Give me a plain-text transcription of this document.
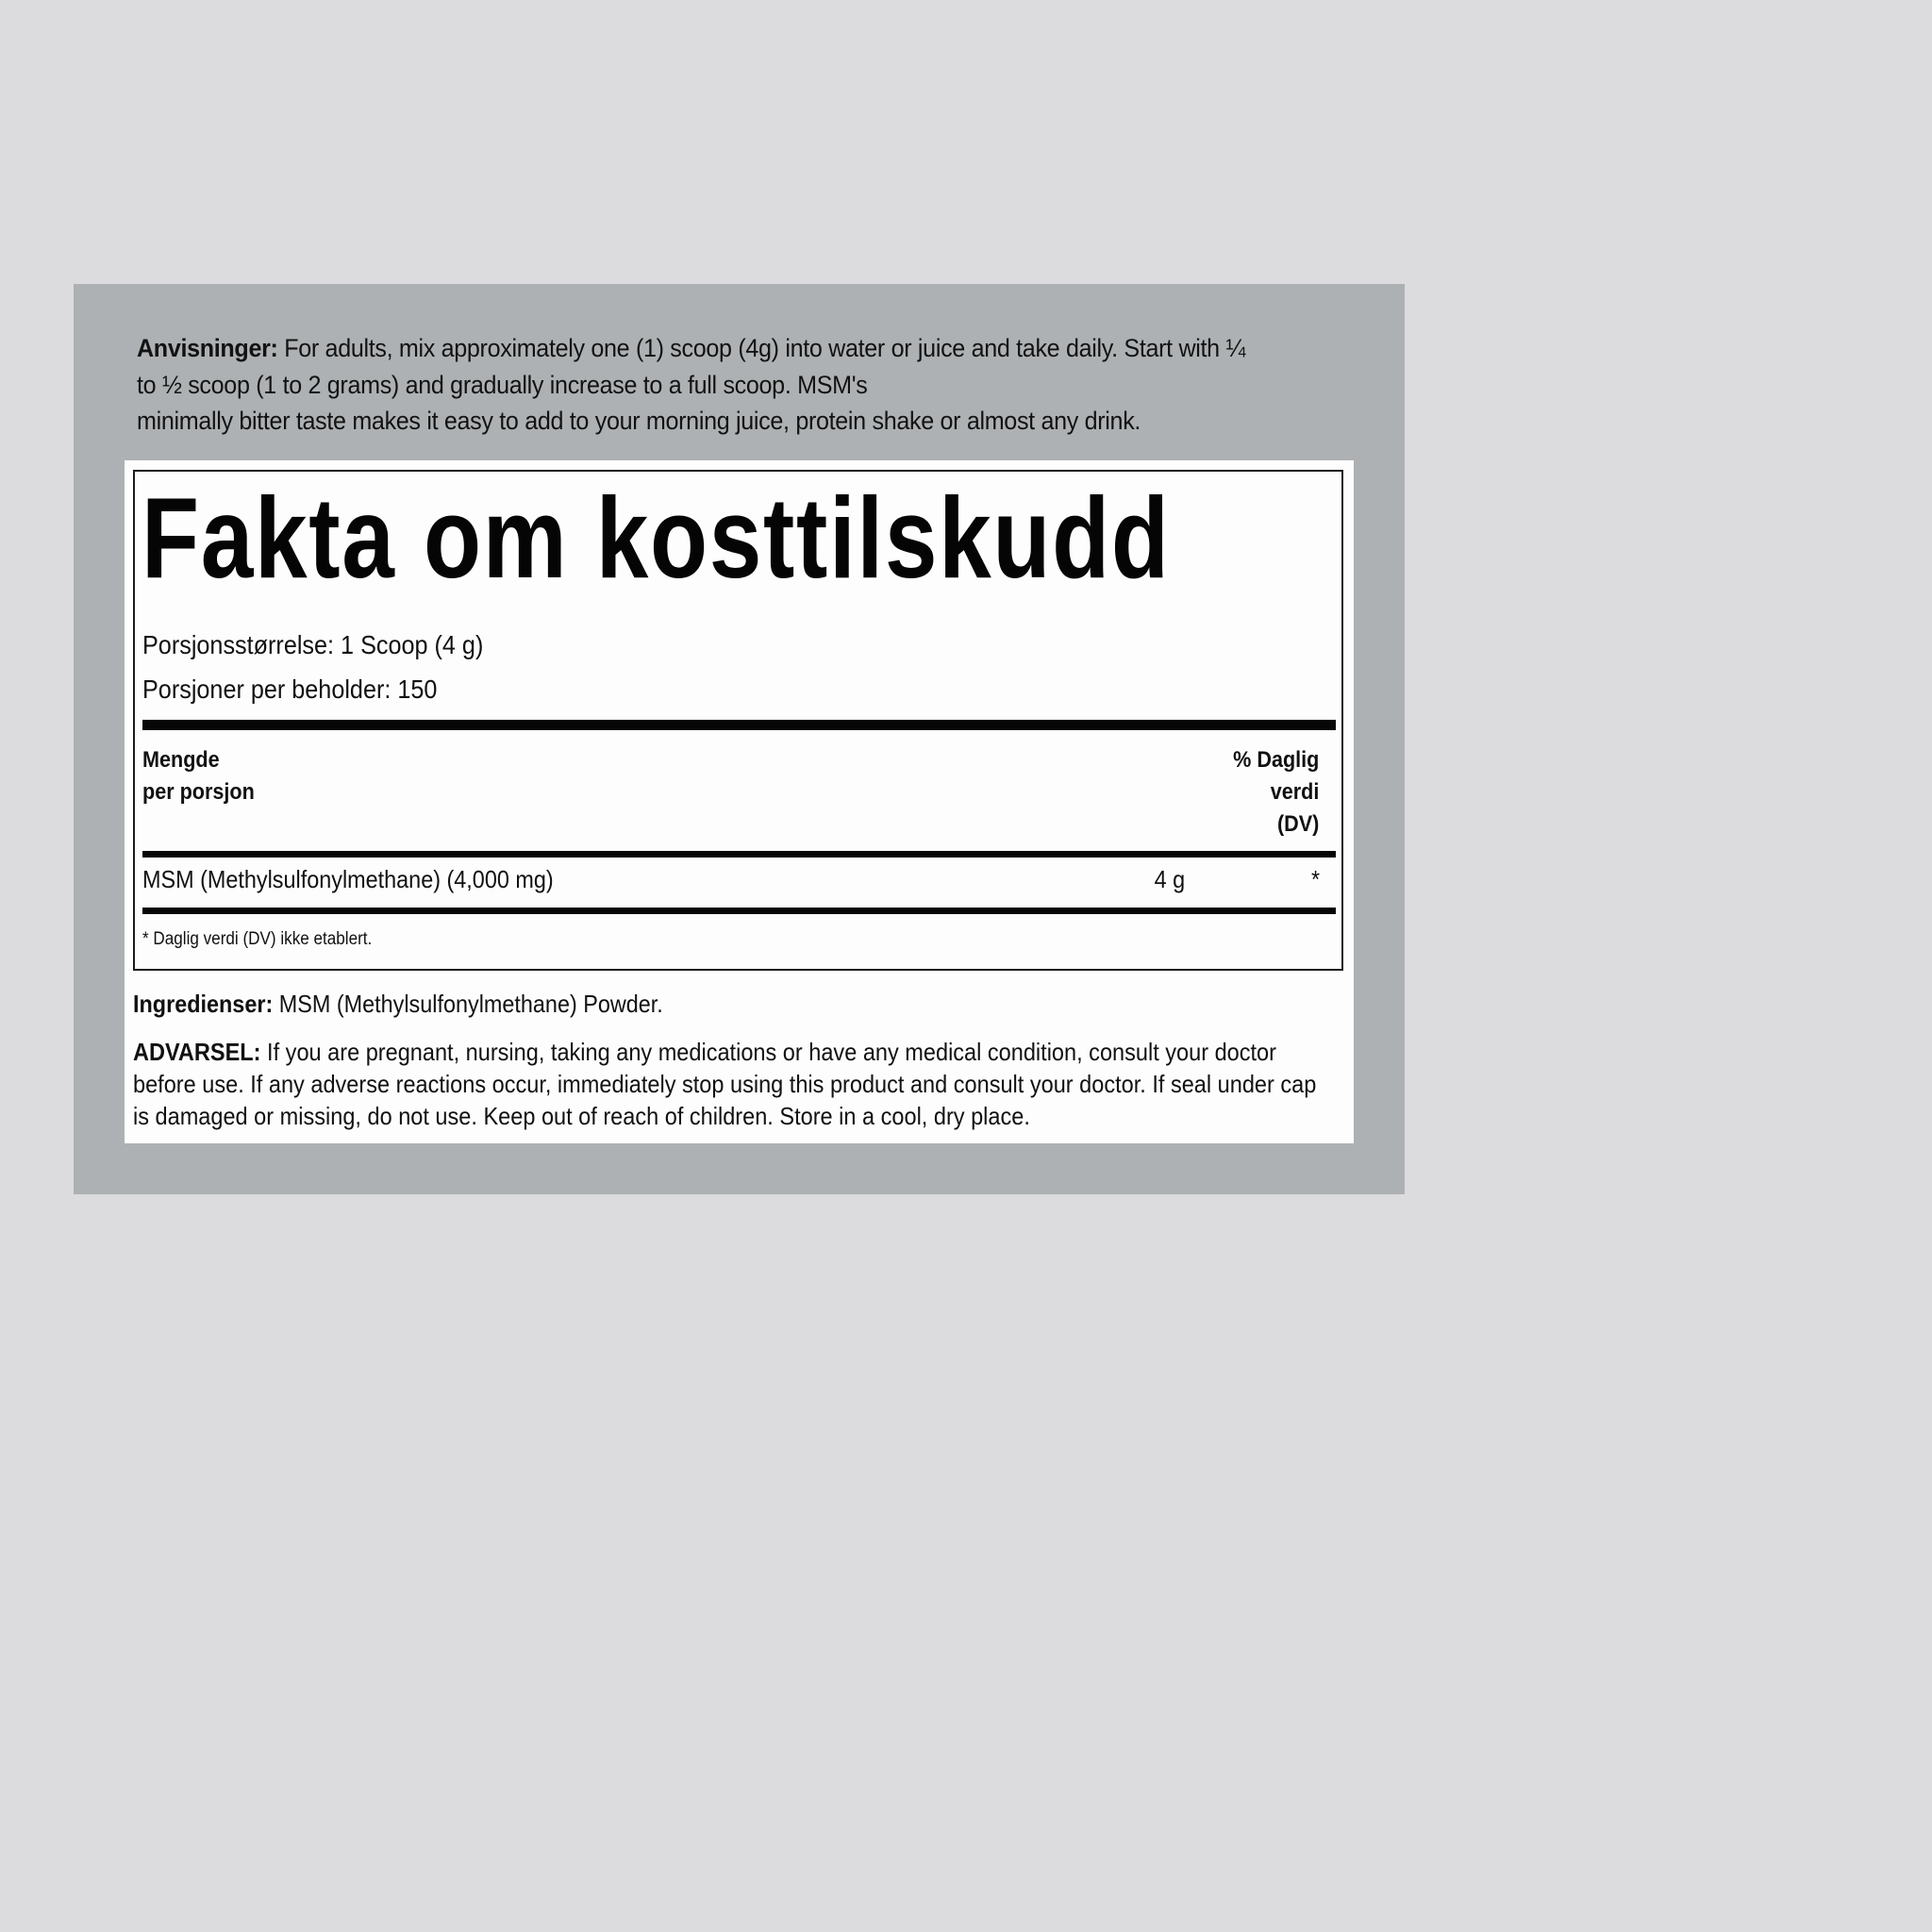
Anvisninger: For adults, mix approximately one (1) scoop (4g) into water or juice and take daily. Start with ¼ to ½ scoop (1 to 2 grams) and gradually increase to a full scoop. MSM's
minimally bitter taste makes it easy to add to your morning juice, protein shake or almost any drink.
Fakta om kosttilskudd
Porsjonsstørrelse: 1 Scoop (4 g)
Porsjoner per beholder: 150
Mengde
per porsjon
% Daglig
verdi
(DV)
MSM (Methylsulfonylmethane) (4,000 mg)	4 g	*
* Daglig verdi (DV) ikke etablert.
Ingredienser: MSM (Methylsulfonylmethane) Powder.
ADVARSEL: If you are pregnant, nursing, taking any medications or have any medical condition, consult your doctor before use. If any adverse reactions occur, immediately stop using this product and consult your doctor. If seal under cap is damaged or missing, do not use. Keep out of reach of children. Store in a cool, dry place.
